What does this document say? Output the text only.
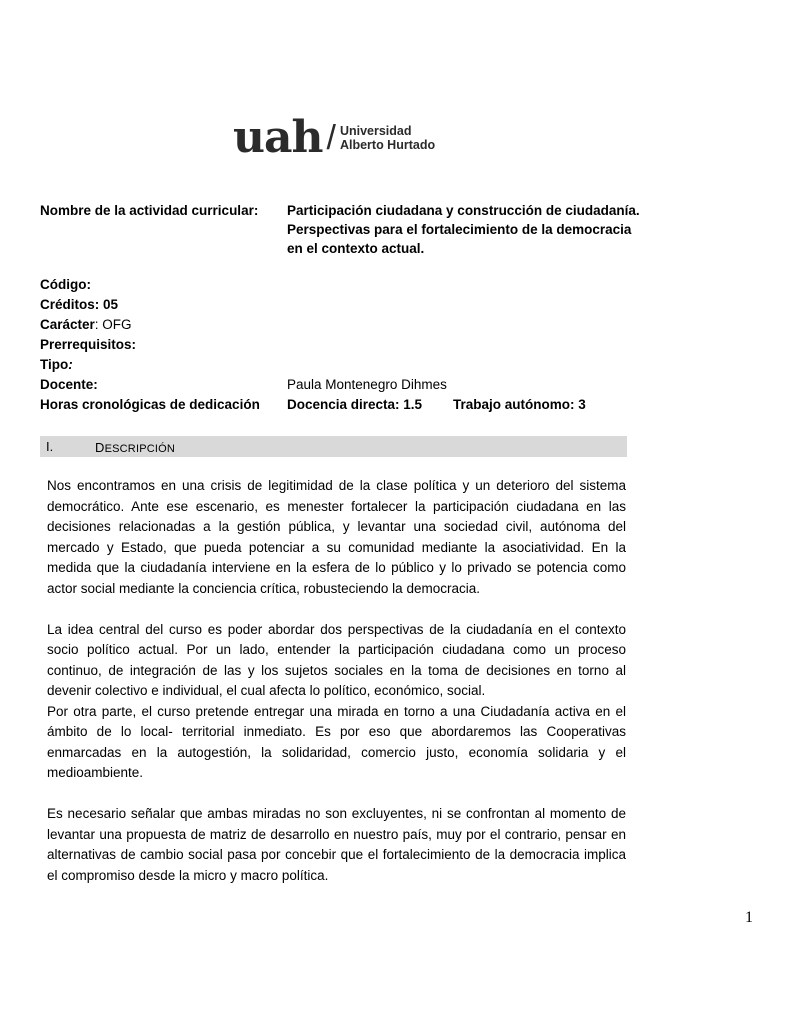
uah / Universidad
Alberto Hurtado
Nombre de la actividad curricular: Participación ciudadana y construcción de ciudadanía.
Perspectivas para el fortalecimiento de la democracia
en el contexto actual.
Código:
Créditos: 05
Carácter: OFG
Prerrequisitos:
Tipo:
Docente:	Paula Montenegro Dihmes
Horas cronológicas de dedicación Docencia directa: 1.5 Trabajo autónomo: 3
I.	DESCRIPCIÓN

Nos encontramos en una crisis de legitimidad de la clase política y un deterioro del sistema democrático. Ante ese escenario, es menester fortalecer la participación ciudadana en las decisiones relacionadas a la gestión pública, y levantar una sociedad civil, autónoma del mercado y Estado, que pueda potenciar a su comunidad mediante la asociatividad. En la medida que la ciudadanía interviene en la esfera de lo público y lo privado se potencia como actor social mediante la conciencia crítica, robusteciendo la democracia.

La idea central del curso es poder abordar dos perspectivas de la ciudadanía en el contexto socio político actual. Por un lado, entender la participación ciudadana como un proceso continuo, de integración de las y los sujetos sociales en la toma de decisiones en torno al devenir colectivo e individual, el cual afecta lo político, económico, social.

Por otra parte, el curso pretende entregar una mirada en torno a una Ciudadanía activa en el ámbito de lo local- territorial inmediato. Es por eso que abordaremos las Cooperativas enmarcadas en la autogestión, la solidaridad, comercio justo, economía solidaria y el medioambiente.

Es necesario señalar que ambas miradas no son excluyentes, ni se confrontan al momento de levantar una propuesta de matriz de desarrollo en nuestro país, muy por el contrario, pensar en alternativas de cambio social pasa por concebir que el fortalecimiento de la democracia implica el compromiso desde la micro y macro política.

1
